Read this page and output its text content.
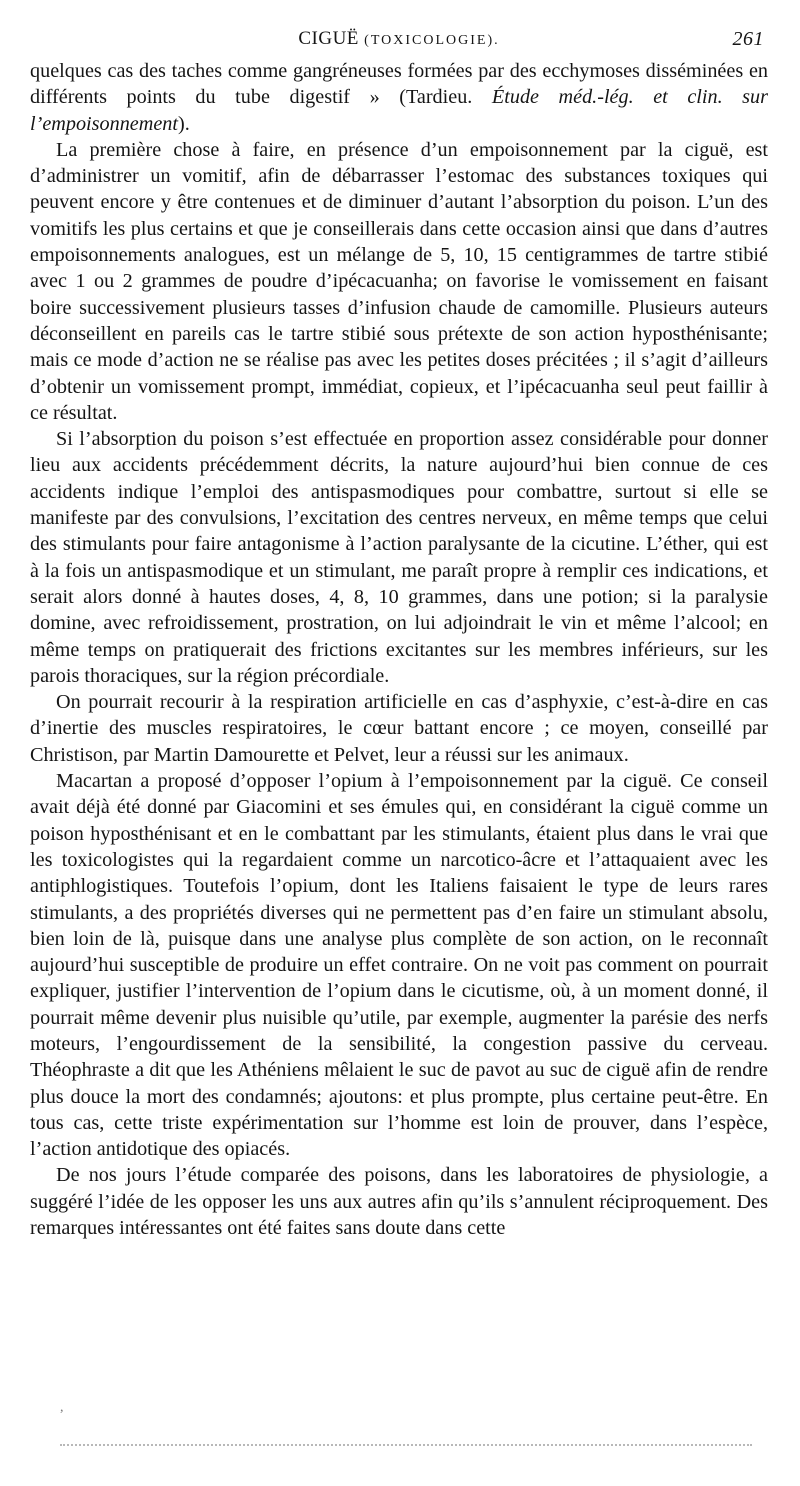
CIGUË (TOXICOLOGIE).	261

quelques cas des taches comme gangréneuses formées par des ecchymoses disséminées en différents points du tube digestif » (Tardieu. Étude méd.-lég. et clin. sur l’empoisonnement).

La première chose à faire, en présence d’un empoisonnement par la ciguë, est d’administrer un vomitif, afin de débarrasser l’estomac des substances toxiques qui peuvent encore y être contenues et de diminuer d’autant l’absorption du poison. L’un des vomitifs les plus certains et que je conseillerais dans cette occasion ainsi que dans d’autres empoisonnements analogues, est un mélange de 5, 10, 15 centigrammes de tartre stibié avec 1 ou 2 grammes de poudre d’ipécacuanha; on favorise le vomissement en faisant boire successivement plusieurs tasses d’infusion chaude de camomille. Plusieurs auteurs déconseillent en pareils cas le tartre stibié sous prétexte de son action hyposthénisante; mais ce mode d’action ne se réalise pas avec les petites doses précitées ; il s’agit d’ailleurs d’obtenir un vomissement prompt, immédiat, copieux, et l’ipécacuanha seul peut faillir à ce résultat.

Si l’absorption du poison s’est effectuée en proportion assez considérable pour donner lieu aux accidents précédemment décrits, la nature aujourd’hui bien connue de ces accidents indique l’emploi des antispasmodiques pour combattre, surtout si elle se manifeste par des convulsions, l’excitation des centres nerveux, en même temps que celui des stimulants pour faire antagonisme à l’action paralysante de la cicutine. L’éther, qui est à la fois un antispasmodique et un stimulant, me paraît propre à remplir ces indications, et serait alors donné à hautes doses, 4, 8, 10 grammes, dans une potion; si la paralysie domine, avec refroidissement, prostration, on lui adjoindrait le vin et même l’alcool; en même temps on pratiquerait des frictions excitantes sur les membres inférieurs, sur les parois thoraciques, sur la région précordiale.

On pourrait recourir à la respiration artificielle en cas d’asphyxie, c’est-à-dire en cas d’inertie des muscles respiratoires, le cœur battant encore ; ce moyen, conseillé par Christison, par Martin Damourette et Pelvet, leur a réussi sur les animaux.

Macartan a proposé d’opposer l’opium à l’empoisonnement par la ciguë. Ce conseil avait déjà été donné par Giacomini et ses émules qui, en considérant la ciguë comme un poison hyposthénisant et en le combattant par les stimulants, étaient plus dans le vrai que les toxicologistes qui la regardaient comme un narcotico-âcre et l’attaquaient avec les antiphlogistiques. Toutefois l’opium, dont les Italiens faisaient le type de leurs rares stimulants, a des propriétés diverses qui ne permettent pas d’en faire un stimulant absolu, bien loin de là, puisque dans une analyse plus complète de son action, on le reconnaît aujourd’hui susceptible de produire un effet contraire. On ne voit pas comment on pourrait expliquer, justifier l’intervention de l’opium dans le cicutisme, où, à un moment donné, il pourrait même devenir plus nuisible qu’utile, par exemple, augmenter la parésie des nerfs moteurs, l’engourdissement de la sensibilité, la congestion passive du cerveau. Théophraste a dit que les Athéniens mêlaient le suc de pavot au suc de ciguë afin de rendre plus douce la mort des condamnés; ajoutons: et plus prompte, plus certaine peut-être. En tous cas, cette triste expérimentation sur l’homme est loin de prouver, dans l’espèce, l’action antidotique des opiacés.

De nos jours l’étude comparée des poisons, dans les laboratoires de physiologie, a suggéré l’idée de les opposer les uns aux autres afin qu’ils s’annulent réciproquement. Des remarques intéressantes ont été faites sans doute dans cette

,
